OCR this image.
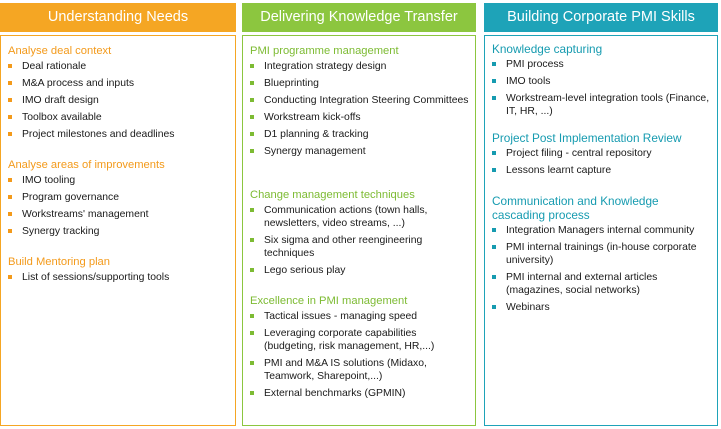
Understanding Needs
Analyse deal context
Deal rationale
M&A process and inputs
IMO draft design
Toolbox available
Project milestones and deadlines
Analyse areas of improvements
IMO tooling
Program governance
Workstreams' management
Synergy tracking
Build Mentoring plan
List of sessions/supporting tools
Delivering Knowledge Transfer
PMI programme management
Integration strategy design
Blueprinting
Conducting Integration Steering Committees
Workstream kick-offs
D1 planning & tracking
Synergy management
Change management techniques
Communication actions (town halls, newsletters, video streams, ...)
Six sigma and other reengineering techniques
Lego serious play
Excellence in PMI management
Tactical issues - managing speed
Leveraging corporate capabilities (budgeting, risk management, HR,...)
PMI and M&A IS solutions (Midaxo, Teamwork, Sharepoint,...)
External benchmarks (GPMIN)
Building Corporate PMI Skills
Knowledge capturing
PMI process
IMO tools
Workstream-level integration tools (Finance, IT, HR, ...)
Project Post Implementation Review
Project filing - central repository
Lessons learnt capture
Communication and Knowledge cascading process
Integration Managers internal community
PMI internal trainings (in-house corporate university)
PMI internal and external articles (magazines, social networks)
Webinars
